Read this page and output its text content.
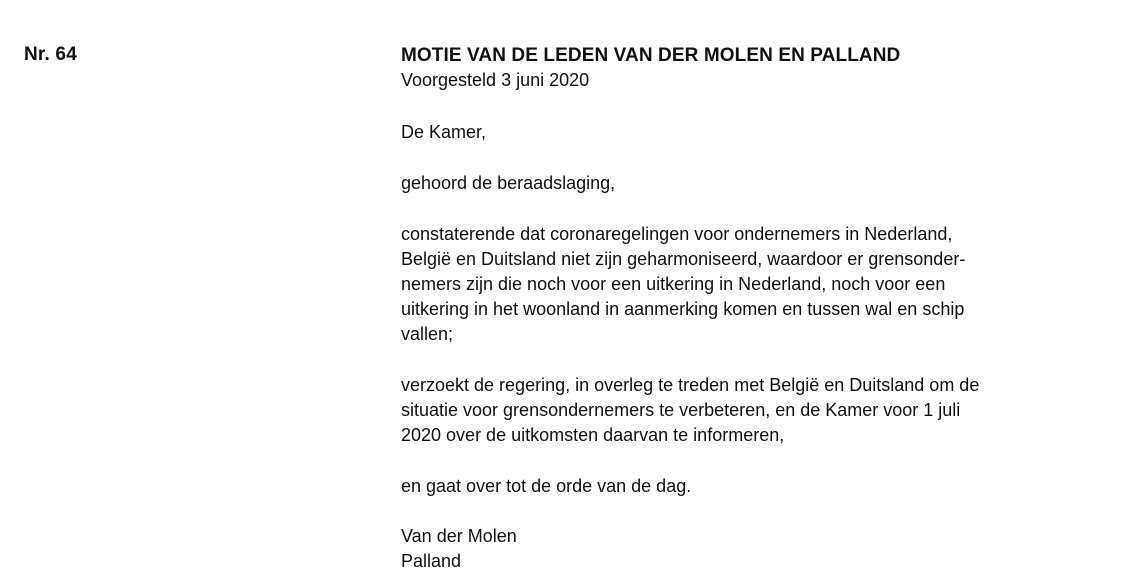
Nr. 64	MOTIE VAN DE LEDEN VAN DER MOLEN EN PALLAND
Voorgesteld 3 juni 2020
De Kamer,
gehoord de beraadslaging,
constaterende dat coronaregelingen voor ondernemers in Nederland,
België en Duitsland niet zijn geharmoniseerd, waardoor er grensonder-
nemers zijn die noch voor een uitkering in Nederland, noch voor een
uitkering in het woonland in aanmerking komen en tussen wal en schip
vallen;
verzoekt de regering, in overleg te treden met België en Duitsland om de
situatie voor grensondernemers te verbeteren, en de Kamer voor 1 juli
2020 over de uitkomsten daarvan te informeren,
en gaat over tot de orde van de dag.
Van der Molen
Palland
